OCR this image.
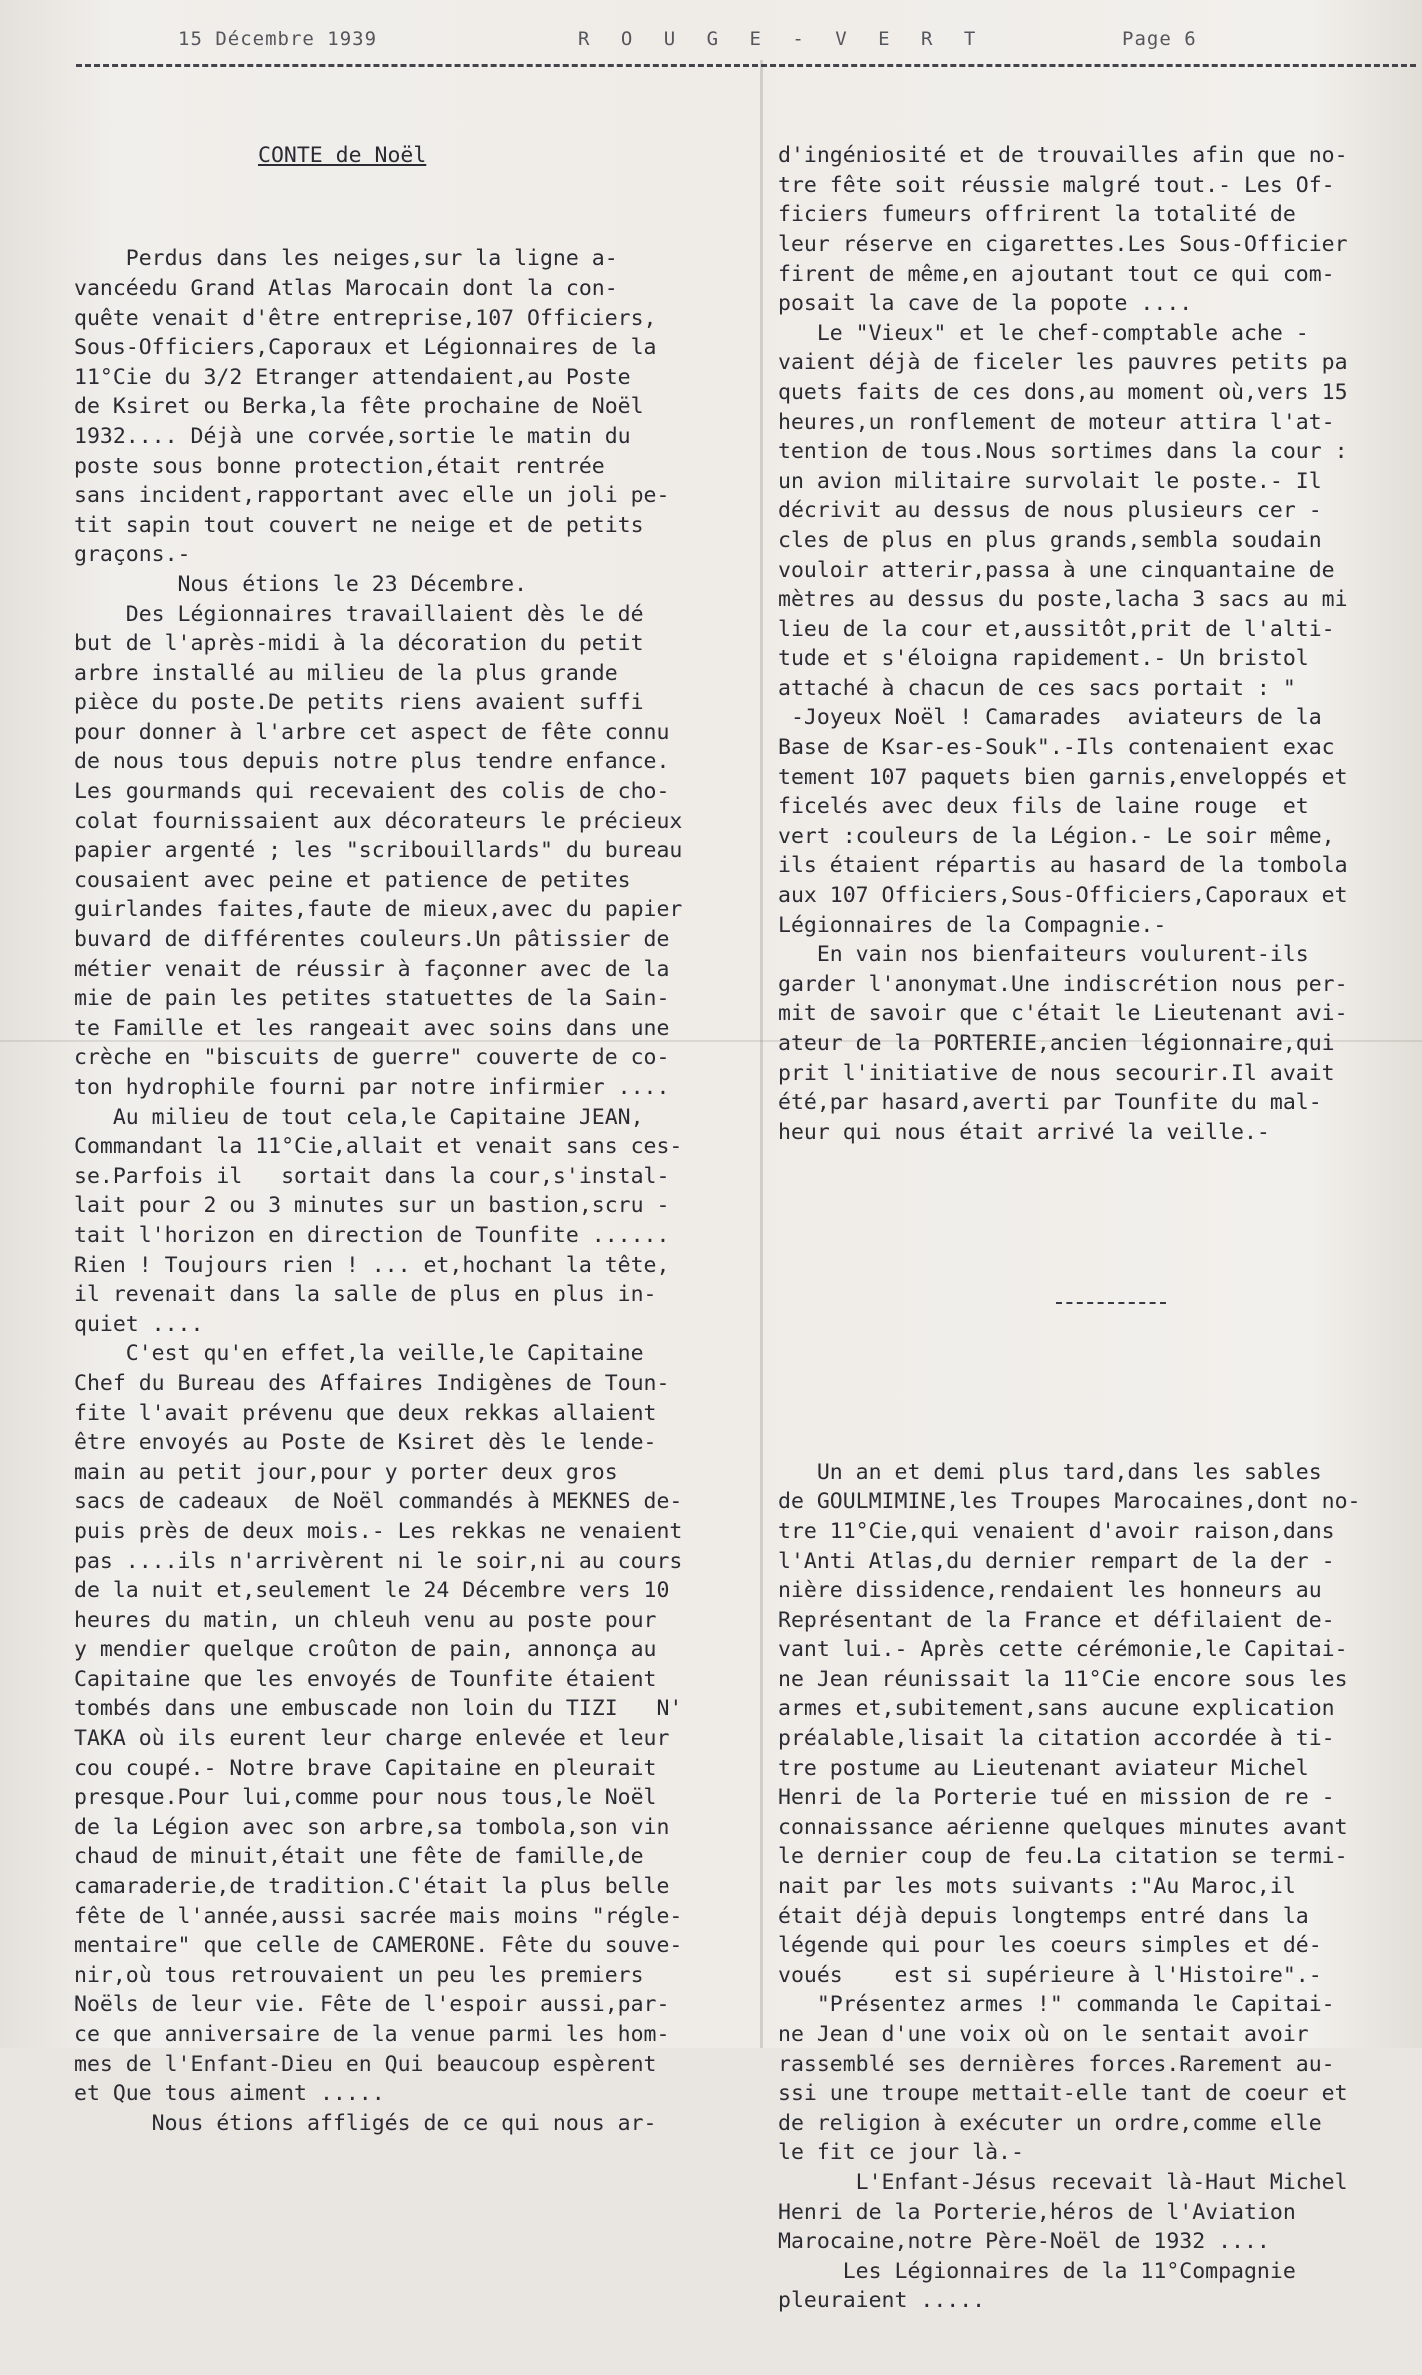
15 Décembre 1939	R O U G E - V E R T	Page 6

CONTE de Noël

Perdus dans les neiges,sur la ligne a-
vancéedu Grand Atlas Marocain dont la con-
quête venait d'être entreprise,107 Officiers,
Sous-Officiers,Caporaux et Légionnaires de la
11°Cie du 3/2 Etranger attendaient,au Poste
de Ksiret ou Berka,la fête prochaine de Noël
1932.... Déjà une corvée,sortie le matin du
poste sous bonne protection,était rentrée
sans incident,rapportant avec elle un joli pe-
tit sapin tout couvert ne neige et de petits
graçons.-
Nous étions le 23 Décembre.
Des Légionnaires travaillaient dès le dé
but de l'après-midi à la décoration du petit
arbre installé au milieu de la plus grande
pièce du poste.De petits riens avaient suffi
pour donner à l'arbre cet aspect de fête connu
de nous tous depuis notre plus tendre enfance.
Les gourmands qui recevaient des colis de cho-
colat fournissaient aux décorateurs le précieux
papier argenté ; les "scribouillards" du bureau
cousaient avec peine et patience de petites
guirlandes faites,faute de mieux,avec du papier
buvard de différentes couleurs.Un pâtissier de
métier venait de réussir à façonner avec de la
mie de pain les petites statuettes de la Sain-
te Famille et les rangeait avec soins dans une
crèche en "biscuits de guerre" couverte de co-
ton hydrophile fourni par notre infirmier ....
Au milieu de tout cela,le Capitaine JEAN,
Commandant la 11°Cie,allait et venait sans ces-
se.Parfois il   sortait dans la cour,s'instal-
lait pour 2 ou 3 minutes sur un bastion,scru -
tait l'horizon en direction de Tounfite ......
Rien ! Toujours rien ! ... et,hochant la tête,
il revenait dans la salle de plus en plus in-
quiet ....
C'est qu'en effet,la veille,le Capitaine
Chef du Bureau des Affaires Indigènes de Toun-
fite l'avait prévenu que deux rekkas allaient
être envoyés au Poste de Ksiret dès le lende-
main au petit jour,pour y porter deux gros
sacs de cadeaux  de Noël commandés à MEKNES de-
puis près de deux mois.- Les rekkas ne venaient
pas ....ils n'arrivèrent ni le soir,ni au cours
de la nuit et,seulement le 24 Décembre vers 10
heures du matin, un chleuh venu au poste pour
y mendier quelque croûton de pain, annonça au
Capitaine que les envoyés de Tounfite étaient
tombés dans une embuscade non loin du TIZI   N'
TAKA où ils eurent leur charge enlevée et leur
cou coupé.- Notre brave Capitaine en pleurait
presque.Pour lui,comme pour nous tous,le Noël
de la Légion avec son arbre,sa tombola,son vin
chaud de minuit,était une fête de famille,de
camaraderie,de tradition.C'était la plus belle
fête de l'année,aussi sacrée mais moins "régle-
mentaire" que celle de CAMERONE. Fête du souve-
nir,où tous retrouvaient un peu les premiers
Noëls de leur vie. Fête de l'espoir aussi,par-
ce que anniversaire de la venue parmi les hom-
mes de l'Enfant-Dieu en Qui beaucoup espèrent
et Que tous aiment .....
Nous étions affligés de ce qui nous ar-

d'ingéniosité et de trouvailles afin que no-
tre fête soit réussie malgré tout.- Les Of-
ficiers fumeurs offrirent la totalité de
leur réserve en cigarettes.Les Sous-Officier
firent de même,en ajoutant tout ce qui com-
posait la cave de la popote ....
Le "Vieux" et le chef-comptable ache -
vaient déjà de ficeler les pauvres petits pa
quets faits de ces dons,au moment où,vers 15
heures,un ronflement de moteur attira l'at-
tention de tous.Nous sortimes dans la cour :
un avion militaire survolait le poste.- Il
décrivit au dessus de nous plusieurs cer -
cles de plus en plus grands,sembla soudain
vouloir atterir,passa à une cinquantaine de
mètres au dessus du poste,lacha 3 sacs au mi
lieu de la cour et,aussitôt,prit de l'alti-
tude et s'éloigna rapidement.- Un bristol
attaché à chacun de ces sacs portait : "
-Joyeux Noël ! Camarades  aviateurs de la
Base de Ksar-es-Souk".-Ils contenaient exac
tement 107 paquets bien garnis,enveloppés et
ficelés avec deux fils de laine rouge  et
vert :couleurs de la Légion.- Le soir même,
ils étaient répartis au hasard de la tombola
aux 107 Officiers,Sous-Officiers,Caporaux et
Légionnaires de la Compagnie.-
En vain nos bienfaiteurs voulurent-ils
garder l'anonymat.Une indiscrétion nous per-
mit de savoir que c'était le Lieutenant avi-
ateur de la PORTERIE,ancien légionnaire,qui
prit l'initiative de nous secourir.Il avait
été,par hasard,averti par Tounfite du mal-
heur qui nous était arrivé la veille.-

Un an et demi plus tard,dans les sables
de GOULMIMINE,les Troupes Marocaines,dont no-
tre 11°Cie,qui venaient d'avoir raison,dans
l'Anti Atlas,du dernier rempart de la der -
nière dissidence,rendaient les honneurs au
Représentant de la France et défilaient de-
vant lui.- Après cette cérémonie,le Capitai-
ne Jean réunissait la 11°Cie encore sous les
armes et,subitement,sans aucune explication
préalable,lisait la citation accordée à ti-
tre postume au Lieutenant aviateur Michel
Henri de la Porterie tué en mission de re -
connaissance aérienne quelques minutes avant
le dernier coup de feu.La citation se termi-
nait par les mots suivants :"Au Maroc,il
était déjà depuis longtemps entré dans la
légende qui pour les coeurs simples et dé-
voués    est si supérieure à l'Histoire".-
"Présentez armes !" commanda le Capitai-
ne Jean d'une voix où on le sentait avoir
rassemblé ses dernières forces.Rarement au-
ssi une troupe mettait-elle tant de coeur et
de religion à exécuter un ordre,comme elle
le fit ce jour là.-
L'Enfant-Jésus recevait là-Haut Michel
Henri de la Porterie,héros de l'Aviation
Marocaine,notre Père-Noël de 1932 ....
Les Légionnaires de la 11°Compagnie
pleuraient .....
